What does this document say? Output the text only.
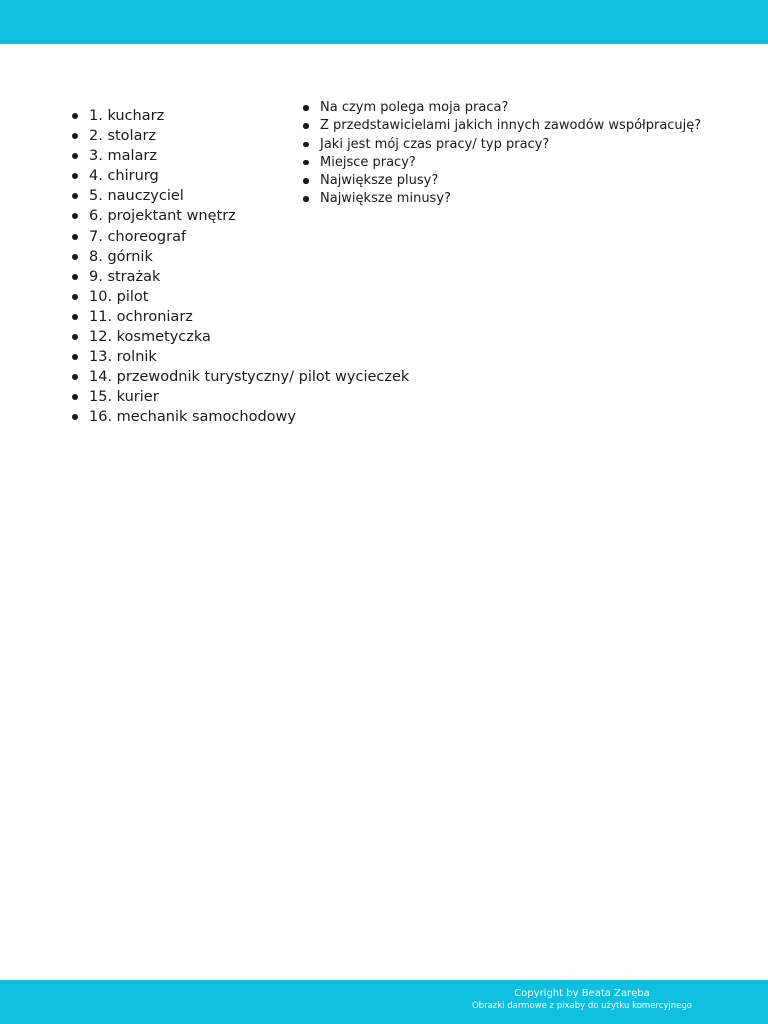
Na czym polega moja praca?
Z przedstawicielami jakich innych zawodów współpracuję?
Jaki jest mój czas pracy/ typ pracy?
Miejsce pracy?
Największe plusy?
Największe minusy?
1. kucharz
2. stolarz
3. malarz
4. chirurg
5. nauczyciel
6. projektant wnętrz
7. choreograf
8. górnik
9. strażak
10. pilot
11. ochroniarz
12. kosmetyczka
13. rolnik
14. przewodnik turystyczny/ pilot wycieczek
15. kurier
16. mechanik samochodowy
Copyright by Beata Zaręba
Obrazki darmowe z pixaby do użytku komercyjnego
